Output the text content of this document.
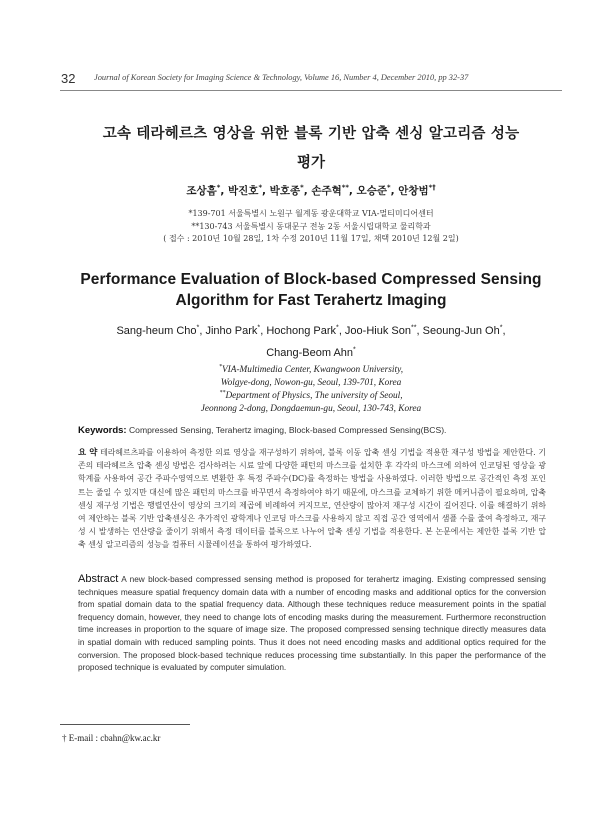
32 Journal of Korean Society for Imaging Science & Technology, Volume 16, Number 4, December 2010, pp 32-37
고속 테라헤르츠 영상을 위한 블록 기반 압축 센싱 알고리즘 성능
평가
조상흠*, 박진호*, 박호종*, 손주혁**, 오승준*, 안창범*†
*139-701 서울특별시 노원구 월계동 광운대학교 VIA-멀티미디어센터
**130-743 서울특별시 동대문구 전농 2동 서울시립대학교 물리학과
( 접수 : 2010년 10월 28일, 1차 수정 2010년 11월 17일, 채택 2010년 12월 2일)
Performance Evaluation of Block-based Compressed Sensing
Algorithm for Fast Terahertz Imaging
Sang-heum Cho*, Jinho Park*, Hochong Park*, Joo-Hiuk Son**, Seoung-Jun Oh*,
Chang-Beom Ahn*
*VIA-Multimedia Center, Kwangwoon University,
Wolgye-dong, Nowon-gu, Seoul, 139-701, Korea
**Department of Physics, The university of Seoul,
Jeonnong 2-dong, Dongdaemun-gu, Seoul, 130-743, Korea
Keywords: Compressed Sensing, Terahertz imaging, Block-based Compressed Sensing(BCS).
요 약 테라헤르츠파를 이용하여 측정한 의료 영상을 재구성하기 위하여, 블록 이동 압축 센싱 기법을 적용한 재구성 방법을 제안한다. 기존의 테라헤르츠 압축 센싱 방법은 검사하려는 시료 앞에 다양한 패턴의 마스크를 설치한 후 각각의 마스크에 의하여 인코딩된 영상을 광학계를 사용하여 공간 주파수영역으로 변환한 후 특정 주파수(DC)를 측정하는 방법을 사용하였다. 이러한 방법으로 공간적인 측정 포인트는 줄일 수 있지만 대신에 많은 패턴의 마스크를 바꾸면서 측정하여야 하기 때문에, 마스크를 교체하기 위한 메커니즘이 필요하며, 압축 센싱 재구성 기법은 행렬연산이 영상의 크기의 제곱에 비례하여 커지므로, 연산량이 많아져 재구성 시간이 길어진다. 이를 해결하기 위하여 제안하는 블록 기반 압축센싱은 추가적인 광학계나 인코딩 마스크를 사용하지 않고 직접 공간 영역에서 샘플 수를 줄여 측정하고, 재구성 시 발생하는 연산량을 줄이기 위해서 측정 데이터를 블록으로 나누어 압축 센싱 기법을 적용한다. 본 논문에서는 제안한 블록 기반 압축 센싱 알고리즘의 성능을 컴퓨터 시뮬레이션을 통하여 평가하였다.
Abstract A new block-based compressed sensing method is proposed for terahertz imaging. Existing compressed sensing techniques measure spatial frequency domain data with a number of encoding masks and additional optics for the conversion from spatial domain data to the spatial frequency data. Although these techniques reduce measurement points in the spatial frequency domain, however, they need to change lots of encoding masks during the measurement. Furthermore reconstruction time increases in proportion to the square of image size. The proposed compressed sensing technique directly measures data in spatial domain with reduced sampling points. Thus it does not need encoding masks and additional optics required for the conversion. The proposed block-based technique reduces processing time substantially. In this paper the performance of the proposed technique is evaluated by computer simulation.
† E-mail : cbahn@kw.ac.kr
